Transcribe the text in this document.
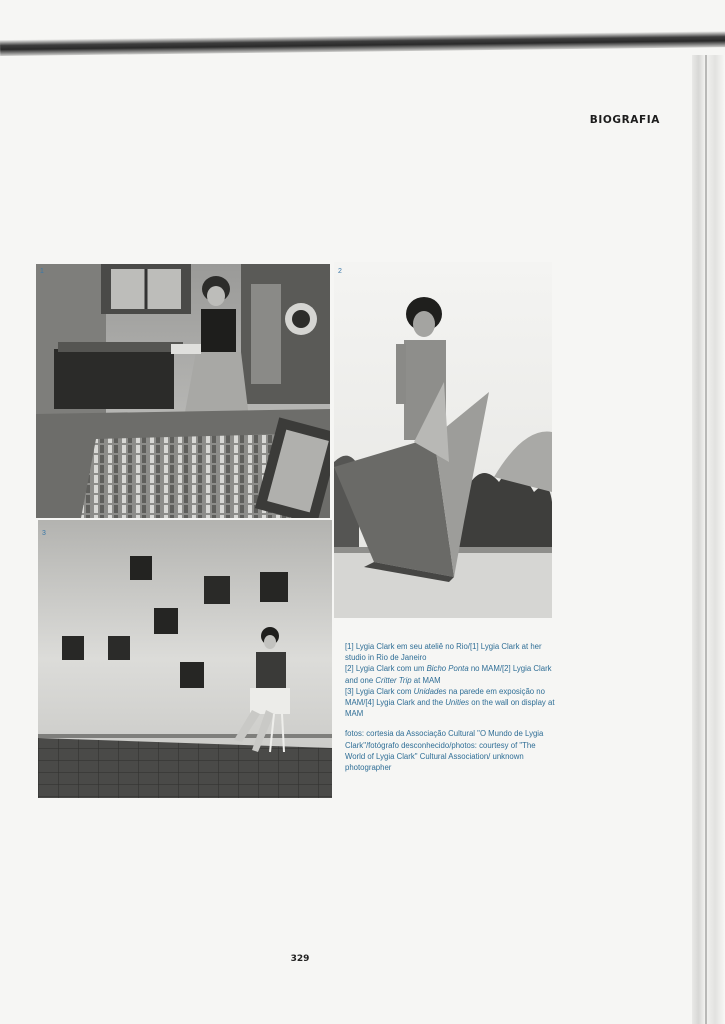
BIOGRAFIA
1	2
3

[1] Lygia Clark em seu ateliê no Rio/[1] Lygia Clark at her studio in Rio de Janeiro

[2] Lygia Clark com um Bicho Ponta no MAM/[2] Lygia Clark and one Critter Trip at MAM

[3] Lygia Clark com Unidades na parede em exposição no MAM/[4] Lygia Clark and the Unities on the wall on display at MAM

fotos: cortesia da Associação Cultural "O Mundo de Lygia Clark"/fotógrafo desconhecido/photos: courtesy of "The World of Lygia Clark" Cultural Association/ unknown photographer

329
